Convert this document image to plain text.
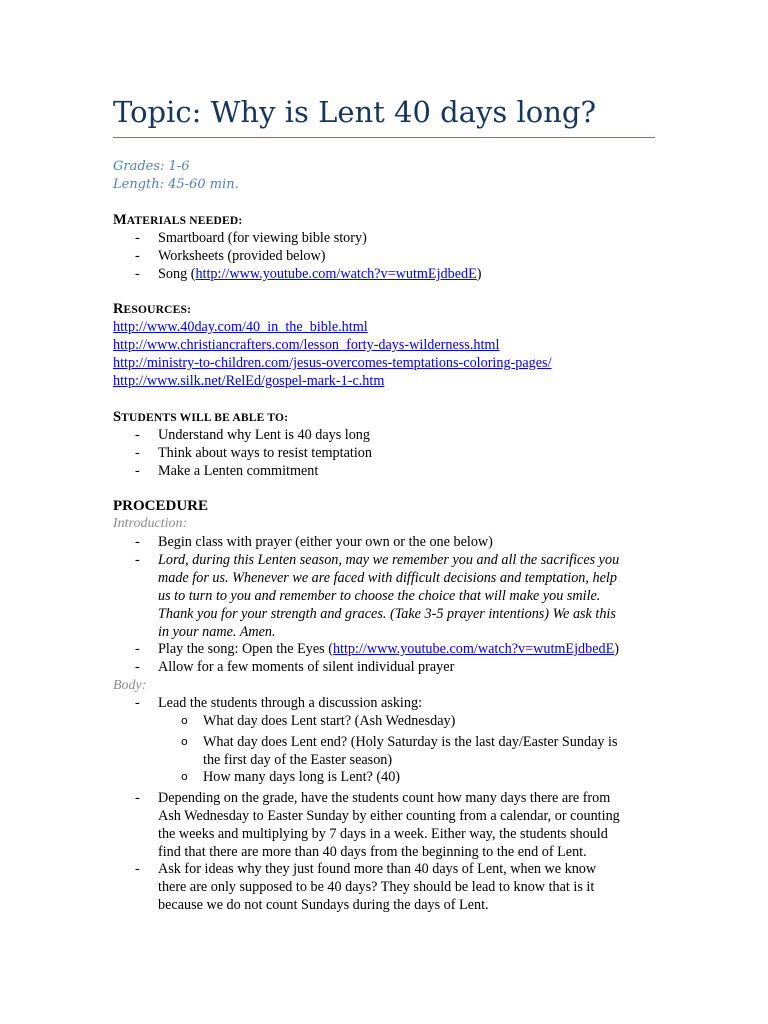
Topic: Why is Lent 40 days long?
Grades: 1-6
Length: 45-60 min.
MATERIALS NEEDED:
- Smartboard (for viewing bible story)
- Worksheets (provided below)
- Song (http://www.youtube.com/watch?v=wutmEjdbedE)
RESOURCES:
http://www.40day.com/40_in_the_bible.html
http://www.christiancrafters.com/lesson_forty-days-wilderness.html
http://ministry-to-children.com/jesus-overcomes-temptations-coloring-pages/
http://www.silk.net/RelEd/gospel-mark-1-c.htm
STUDENTS WILL BE ABLE TO:
- Understand why Lent is 40 days long
- Think about ways to resist temptation
- Make a Lenten commitment
PROCEDURE
Introduction:
- Begin class with prayer (either your own or the one below)
- Lord, during this Lenten season, may we remember you and all the sacrifices you
made for us. Whenever we are faced with difficult decisions and temptation, help
us to turn to you and remember to choose the choice that will make you smile.
Thank you for your strength and graces. (Take 3-5 prayer intentions) We ask this
in your name. Amen.
- Play the song: Open the Eyes (http://www.youtube.com/watch?v=wutmEjdbedE)
- Allow for a few moments of silent individual prayer
Body:
- Lead the students through a discussion asking:
o What day does Lent start? (Ash Wednesday)
o What day does Lent end? (Holy Saturday is the last day/Easter Sunday is
the first day of the Easter season)
o How many days long is Lent? (40)
- Depending on the grade, have the students count how many days there are from
Ash Wednesday to Easter Sunday by either counting from a calendar, or counting
the weeks and multiplying by 7 days in a week. Either way, the students should
find that there are more than 40 days from the beginning to the end of Lent.
- Ask for ideas why they just found more than 40 days of Lent, when we know
there are only supposed to be 40 days? They should be lead to know that is it
because we do not count Sundays during the days of Lent.
